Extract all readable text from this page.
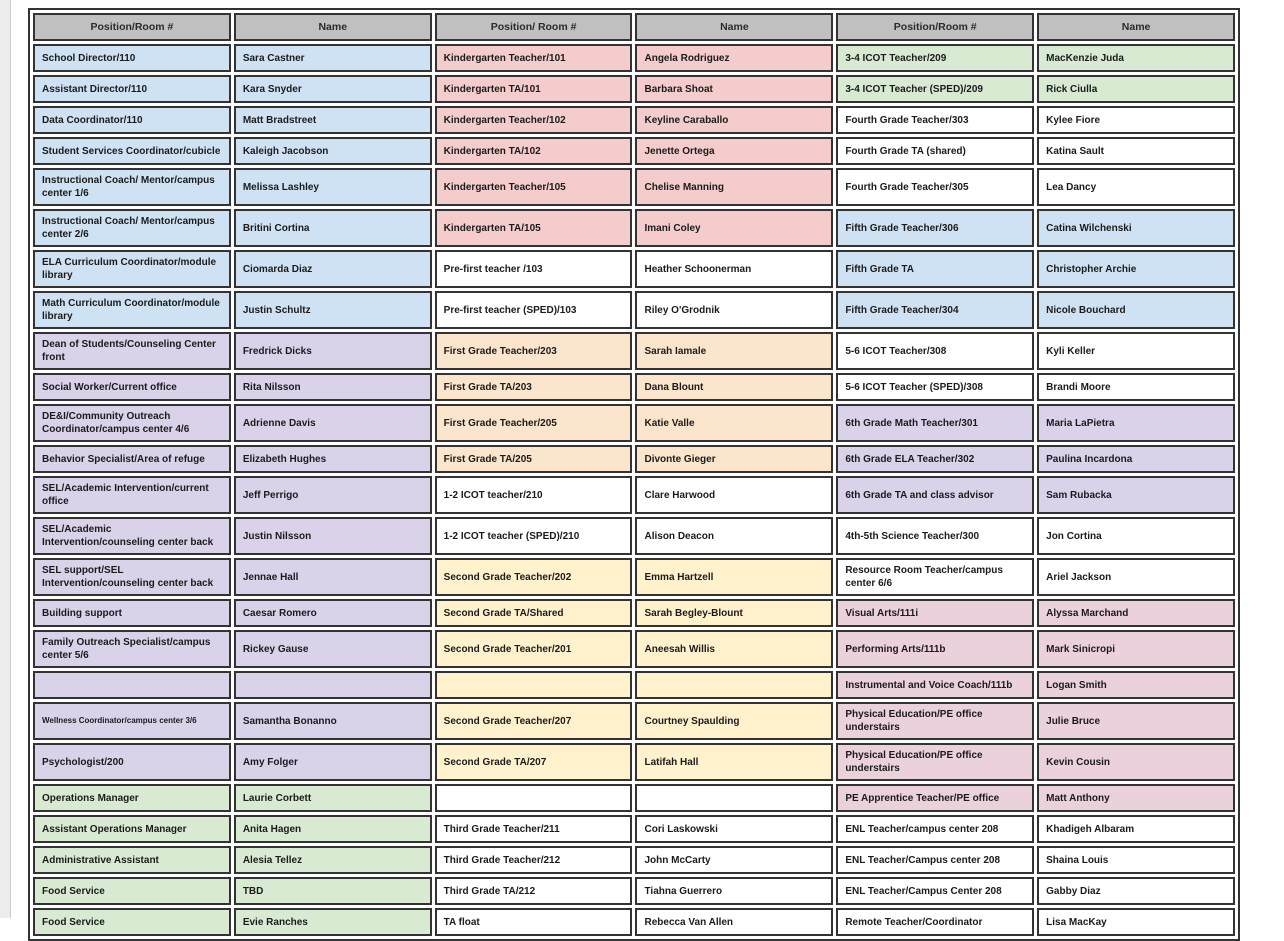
Position/Room #	Name	Position/ Room #	Name	Position/Room #	Name
School Director/110	Sara Castner	Kindergarten Teacher/101	Angela Rodriguez	3-4 ICOT Teacher/209	MacKenzie Juda
Assistant Director/110	Kara Snyder	Kindergarten TA/101	Barbara Shoat	3-4 ICOT Teacher (SPED)/209	Rick Ciulla
Data Coordinator/110	Matt Bradstreet	Kindergarten Teacher/102	Keyline Caraballo	Fourth Grade Teacher/303	Kylee Fiore
Student Services Coordinator/cubicle	Kaleigh Jacobson	Kindergarten TA/102	Jenette Ortega	Fourth Grade TA (shared)	Katina Sault
Instructional Coach/ Mentor/campus center 1/6	Melissa Lashley	Kindergarten Teacher/105	Chelise Manning	Fourth Grade Teacher/305	Lea Dancy
Instructional Coach/ Mentor/campus center 2/6	Britini Cortina	Kindergarten TA/105	Imani Coley	Fifth Grade Teacher/306	Catina Wilchenski
ELA Curriculum Coordinator/module library	Ciomarda Diaz	Pre-first teacher /103	Heather Schoonerman	Fifth Grade TA	Christopher Archie
Math Curriculum Coordinator/module library	Justin Schultz	Pre-first teacher (SPED)/103	Riley O'Grodnik	Fifth Grade Teacher/304	Nicole Bouchard
Dean of Students/Counseling Center front	Fredrick Dicks	First Grade Teacher/203	Sarah Iamale	5-6 ICOT Teacher/308	Kyli Keller
Social Worker/Current office	Rita Nilsson	First Grade TA/203	Dana Blount	5-6 ICOT Teacher (SPED)/308	Brandi Moore
DE&I/Community Outreach Coordinator/campus center 4/6	Adrienne Davis	First Grade Teacher/205	Katie Valle	6th Grade Math Teacher/301	Maria LaPietra
Behavior Specialist/Area of refuge	Elizabeth Hughes	First Grade TA/205	Divonte Gieger	6th Grade ELA Teacher/302	Paulina Incardona
SEL/Academic Intervention/current office	Jeff Perrigo	1-2 ICOT teacher/210	Clare Harwood	6th Grade TA and class advisor	Sam Rubacka
SEL/Academic Intervention/counseling center back	Justin Nilsson	1-2 ICOT teacher (SPED)/210	Alison Deacon	4th-5th Science Teacher/300	Jon Cortina
SEL support/SEL Intervention/counseling center back	Jennae Hall	Second Grade Teacher/202	Emma Hartzell	Resource Room Teacher/campus center 6/6	Ariel Jackson
Building support	Caesar Romero	Second Grade TA/Shared	Sarah Begley-Blount	Visual Arts/111i	Alyssa Marchand
Family Outreach Specialist/campus center 5/6	Rickey Gause	Second Grade Teacher/201	Aneesah Willis	Performing Arts/111b	Mark Sinicropi
				Instrumental and Voice Coach/111b	Logan Smith
Wellness Coordinator/campus center 3/6	Samantha Bonanno	Second Grade Teacher/207	Courtney Spaulding	Physical Education/PE office understairs	Julie Bruce
Psychologist/200	Amy Folger	Second Grade TA/207	Latifah Hall	Physical Education/PE office understairs	Kevin Cousin
Operations Manager	Laurie Corbett			PE Apprentice Teacher/PE office	Matt Anthony
Assistant Operations Manager	Anita Hagen	Third Grade Teacher/211	Cori Laskowski	ENL Teacher/campus center 208	Khadigeh Albaram
Administrative Assistant	Alesia Tellez	Third Grade Teacher/212	John McCarty	ENL Teacher/Campus center 208	Shaina Louis
Food Service	TBD	Third Grade TA/212	Tiahna Guerrero	ENL Teacher/Campus Center 208	Gabby Diaz
Food Service	Evie Ranches	TA float	Rebecca Van Allen	Remote Teacher/Coordinator	Lisa MacKay
